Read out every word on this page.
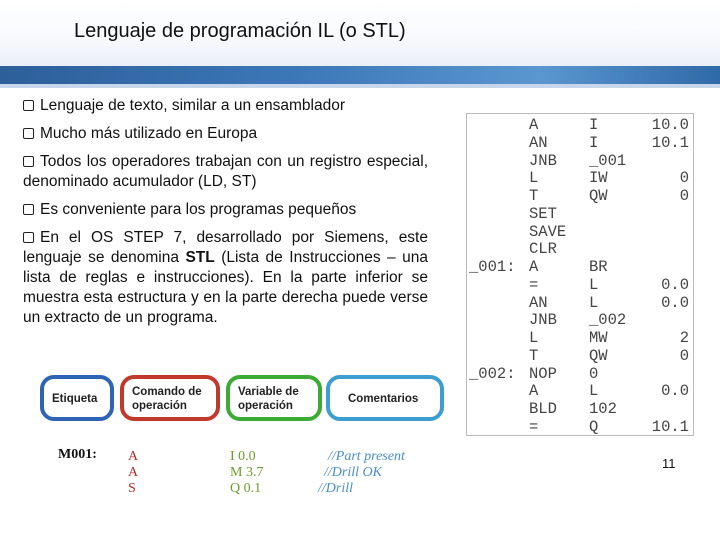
Lenguaje de programación IL (o STL)
Lenguaje de texto, similar a un ensamblador
Mucho más utilizado en Europa
Todos los operadores trabajan con un registro especial, denominado acumulador (LD, ST)
Es conveniente para los programas pequeños
En el OS STEP 7, desarrollado por Siemens, este lenguaje se denomina STL (Lista de Instrucciones – una lista de reglas e instrucciones). En la parte inferior se muestra esta estructura y en la parte derecha puede verse un extracto de un programa.
A	I	10.0
AN	I	10.1
JNB _001
L	IW	0
T	QW	0
SET
SAVE
CLR
_001: A	BR
=	L	0.0
AN	L	0.0
JNB _002
L	MW	2
T	QW	0
_002: NOP 0
A	L	0.0
BLD 102
=	Q	10.1
Etiqueta
Comando de operación
Variable de operación
Comentarios
M001: A	I 0.0	//Part present
A	M 3.7	//Drill OK
S	Q 0.1	//Drill
11
